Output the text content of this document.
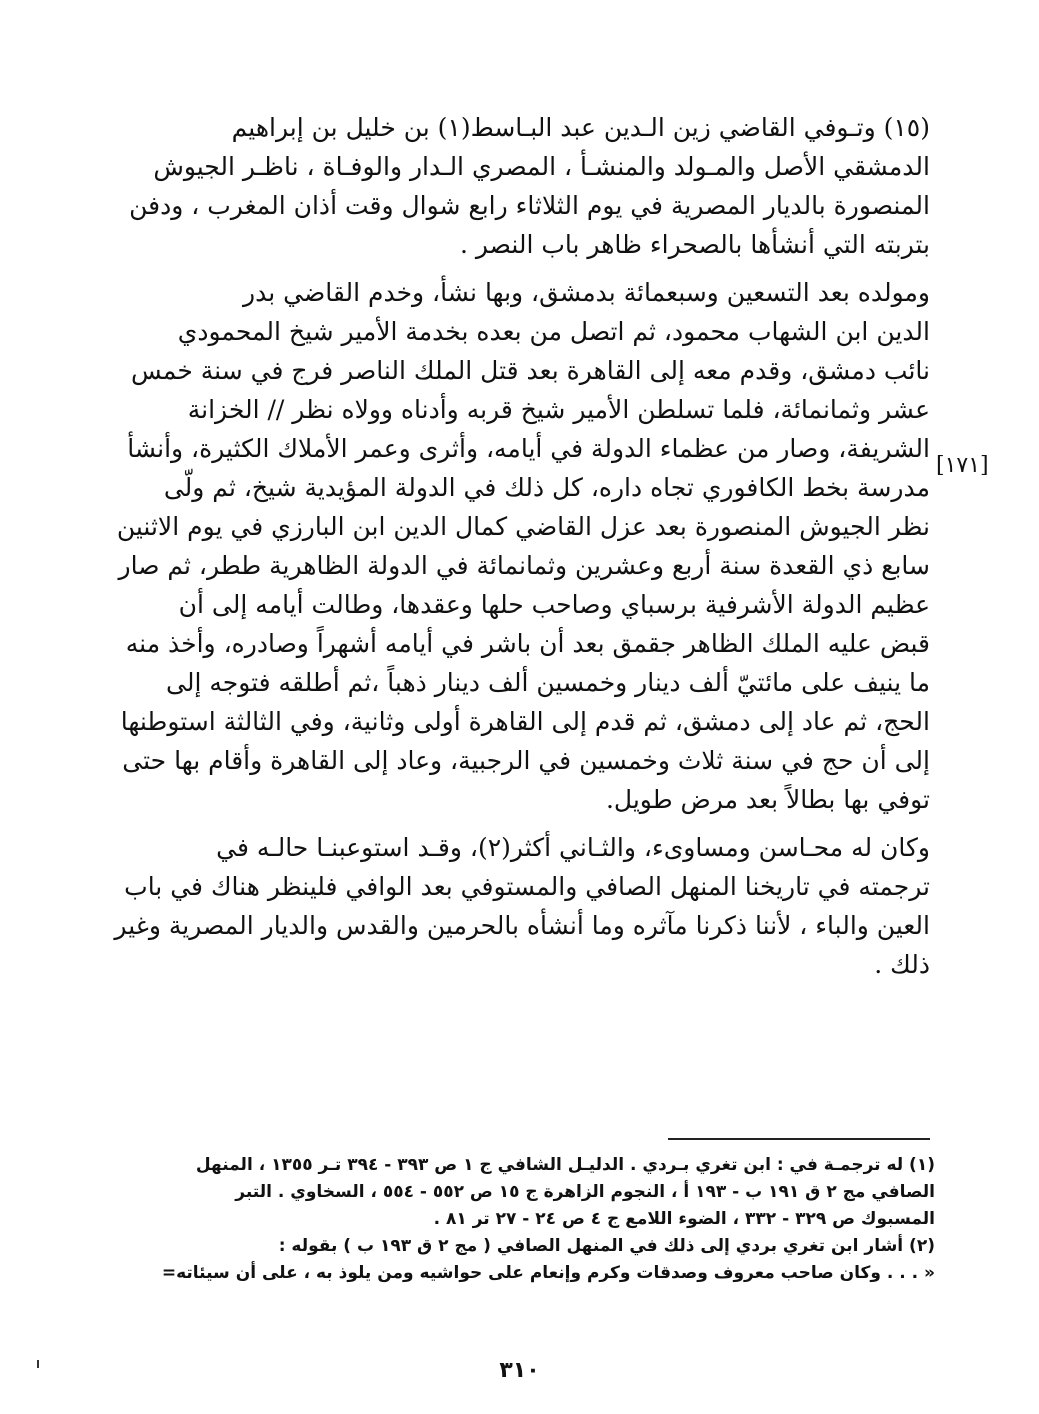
(١٥) وتـوفي القاضي زين الـدين عبد البـاسط(١) بن خليل بن إبراهيم
الدمشقي الأصل والمـولد والمنشـأ ، المصري الـدار والوفـاة ، ناظـر الجيوش
المنصورة بالديار المصرية في يوم الثلاثاء رابع شوال وقت أذان المغرب ، ودفن
بتربته التي أنشأها بالصحراء ظاهر باب النصر .

ومولده بعد التسعين وسبعمائة بدمشق، وبها نشأ، وخدم القاضي بدر
الدين ابن الشهاب محمود، ثم اتصل من بعده بخدمة الأمير شيخ المحمودي
نائب دمشق، وقدم معه إلى القاهرة بعد قتل الملك الناصر فرج في سنة خمس
عشر وثمانمائة، فلما تسلطن الأمير شيخ قربه وأدناه وولاه نظر // الخزانة
الشريفة، وصار من عظماء الدولة في أيامه، وأثرى وعمر الأملاك الكثيرة، وأنشأ
مدرسة بخط الكافوري تجاه داره، كل ذلك في الدولة المؤيدية شيخ، ثم ولّى
نظر الجيوش المنصورة بعد عزل القاضي كمال الدين ابن البارزي في يوم الاثنين
سابع ذي القعدة سنة أربع وعشرين وثمانمائة في الدولة الظاهرية ططر، ثم صار
عظيم الدولة الأشرفية برسباي وصاحب حلها وعقدها، وطالت أيامه إلى أن
قبض عليه الملك الظاهر جقمق بعد أن باشر في أيامه أشهراً وصادره، وأخذ منه
ما ينيف على مائتيّ ألف دينار وخمسين ألف دينار ذهباً ،ثم أطلقه فتوجه إلى
الحج، ثم عاد إلى دمشق، ثم قدم إلى القاهرة أولى وثانية، وفي الثالثة استوطنها
إلى أن حج في سنة ثلاث وخمسين في الرجبية، وعاد إلى القاهرة وأقام بها حتى
توفي بها بطالاً بعد مرض طويل.

وكان له محـاسن ومساوىء، والثـاني أكثر(٢)، وقـد استوعبنـا حالـه في
ترجمته في تاريخنا المنهل الصافي والمستوفي بعد الوافي فلينظر هناك في باب
العين والباء ، لأننا ذكرنا مآثره وما أنشأه بالحرمين والقدس والديار المصرية وغير
ذلك .

[١٧١]
(١) له ترجمـة في : ابن تغري بـردي . الدليـل الشافي ج ١ ص ٣٩٣ - ٣٩٤ تـر ١٣٥٥ ، المنهل
الصافي مج ٢ ق ١٩١ ب - ١٩٣ أ ، النجوم الزاهرة ج ١٥ ص ٥٥٢ - ٥٥٤ ، السخاوي . التبر
المسبوك ص ٣٢٩ - ٣٣٢ ، الضوء اللامع ج ٤ ص ٢٤ - ٢٧ تر ٨١ .
(٢) أشار ابن تغري بردي إلى ذلك في المنهل الصافي ( مج ٢ ق ١٩٣ ب ) بقوله :
« . . . وكان صاحب معروف وصدقات وكرم وإنعام على حواشيه ومن يلوذ به ، على أن سيئاته=
٣١٠
